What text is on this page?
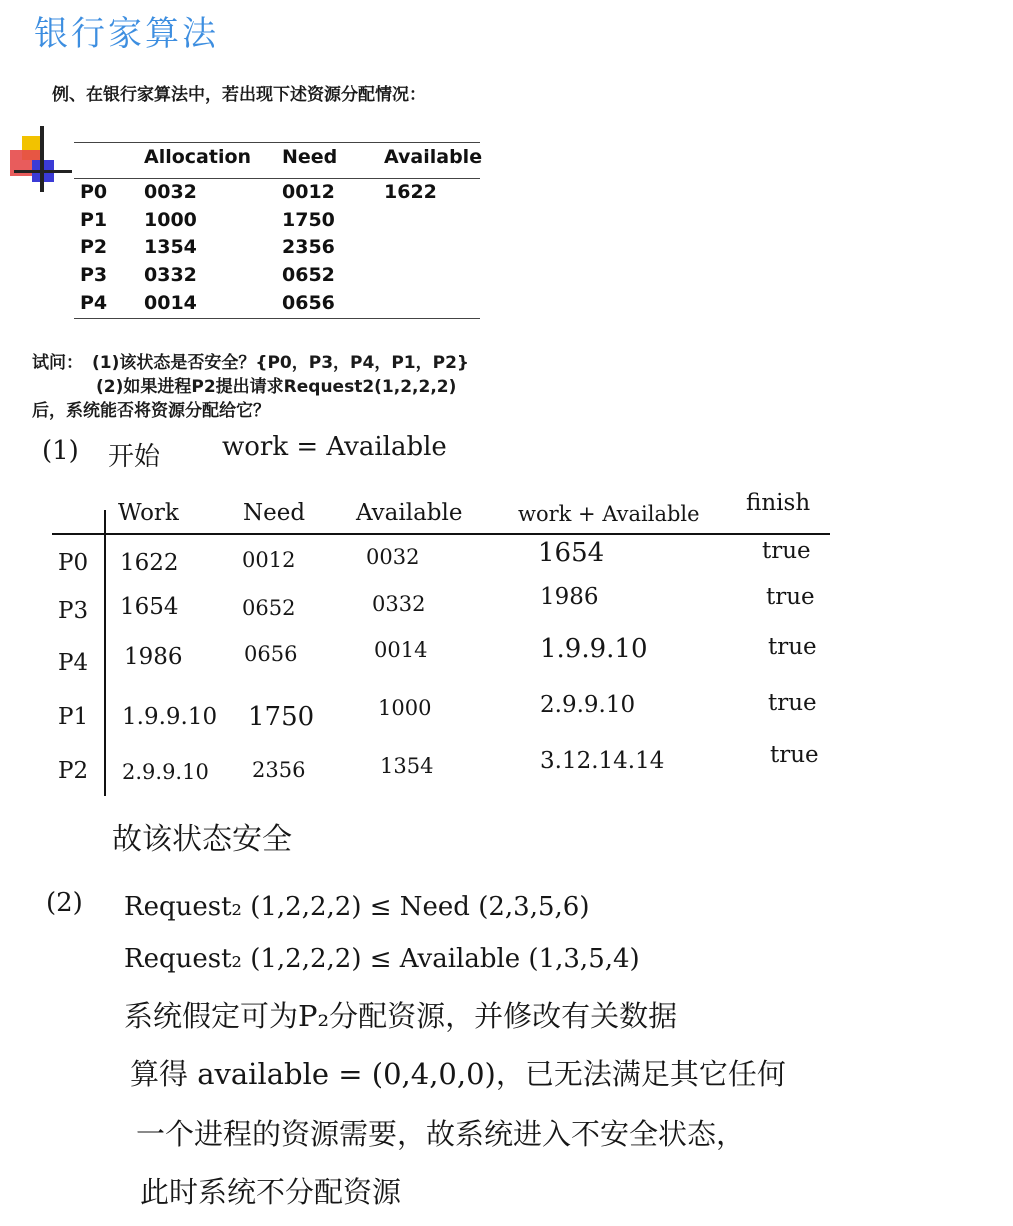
银行家算法
例、在银行家算法中，若出现下述资源分配情况：
Allocation Need Available
P0 0032	0012	1622
P1 1000	1750
P2 1354	2356
P3 0332	0652
P4 0014	0656
试问： (1)该状态是否安全？{P0，P3，P4，P1，P2}
(2)如果进程P2提出请求Request2(1,2,2,2)
后，系统能否将资源分配给它？
(1) 开始 work = Available
Work	Need Available	work + Available finish
P0 1622	0012	0032	1654	true
P3 1654	0652	0332	1986	true
P4 1986	0656	0014	1.9.9.10	true
P1 1.9.9.10 1750	1000	2.9.9.10	true
P2 2.9.9.10 2356	1354	3.12.14.14	true
故该状态安全
(2) Request₂ (1,2,2,2) ≤ Need (2,3,5,6)
Request₂ (1,2,2,2) ≤ Available (1,3,5,4)
系统假定可为P₂分配资源，并修改有关数据
算得 available = (0,4,0,0)，已无法满足其它任何
一个进程的资源需要，故系统进入不安全状态，
此时系统不分配资源
